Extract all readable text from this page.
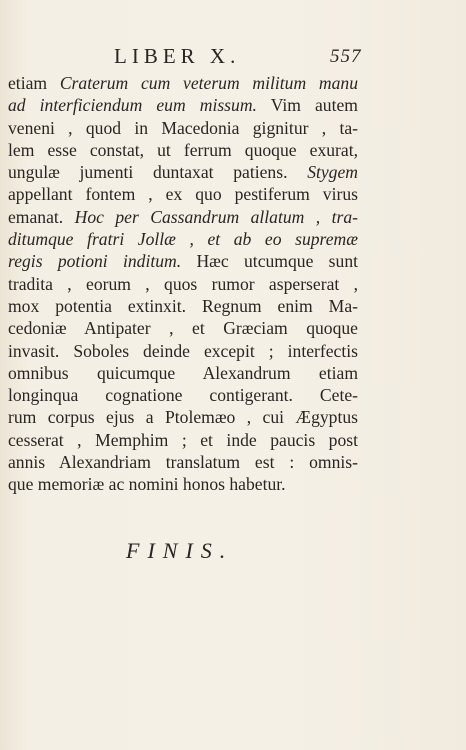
LIBER X.	557
etiam Craterum cum veterum militum manu
ad interficiendum eum missum. Vim autem
veneni , quod in Macedonia gignitur , ta-
lem esse constat, ut ferrum quoque exurat,
ungulæ jumenti duntaxat patiens. Stygem
appellant fontem , ex quo pestiferum virus
emanat. Hoc per Cassandrum allatum , tra-
ditumque fratri Jollæ , et ab eo supremæ
regis potioni inditum. Hæc utcumque sunt
tradita , eorum , quos rumor asperserat ,
mox potentia extinxit. Regnum enim Ma-
cedoniæ Antipater , et Græciam quoque
invasit. Soboles deinde excepit ; interfectis
omnibus quicumque Alexandrum etiam
longinqua cognatione contigerant. Cete-
rum corpus ejus a Ptolemæo , cui Ægyptus
cesserat , Memphim ; et inde paucis post
annis Alexandriam translatum est : omnis-
que memoriæ ac nomini honos habetur.
FINIS.
